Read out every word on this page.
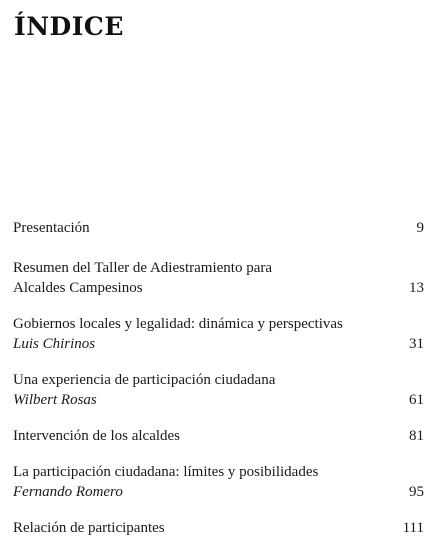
ÍNDICE
Presentación	9
Resumen del Taller de Adiestramiento para
Alcaldes Campesinos	13
Gobiernos locales y legalidad: dinámica y perspectivas
Luis Chirinos	31
Una experiencia de participación ciudadana
Wilbert Rosas	61
Intervención de los alcaldes	81
La participación ciudadana: límites y posibilidades
Fernando Romero	95
Relación de participantes	111
